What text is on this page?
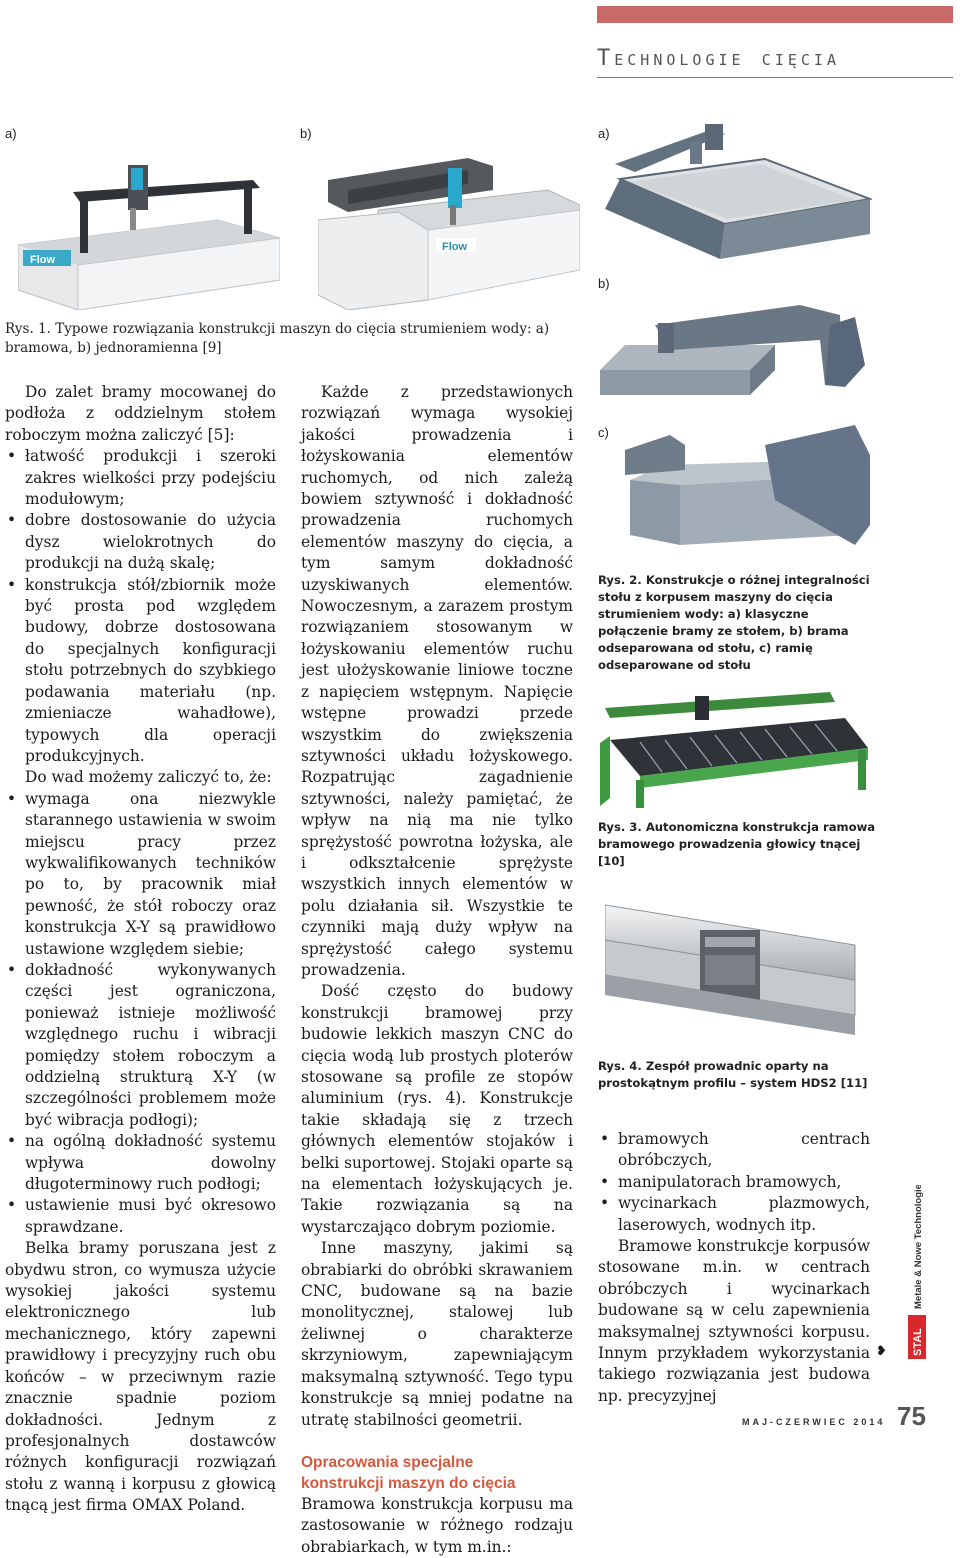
Technologie cięcia
a)	b)
Flow
Flow
Rys. 1. Typowe rozwiązania konstrukcji maszyn do cięcia strumieniem wody: a) bramowa, b) jednoramienna [9]
a)
b)
c)
Rys. 2. Konstrukcje o różnej integralności stołu z korpusem maszyny do cięcia strumieniem wody: a) klasyczne połączenie bramy ze stołem, b) brama odseparowana od stołu, c) ramię odseparowane od stołu
Rys. 3. Autonomiczna konstrukcja ramowa bramowego prowadzenia głowicy tnącej [10]
Rys. 4. Zespół prowadnic oparty na prostokątnym profilu – system HDS2 [11]

Do zalet bramy mocowanej do podłoża z oddzielnym stołem roboczym można zaliczyć [5]:

• łatwość produkcji i szeroki zakres wielkości przy podejściu modułowym;
• dobre dostosowanie do użycia dysz wielokrotnych do produkcji na dużą skalę;
• konstrukcja stół/zbiornik może być prosta pod względem budowy, dobrze dostosowana do specjalnych konfiguracji stołu potrzebnych do szybkiego podawania materiału (np. zmieniacze wahadłowe), typowych dla operacji produkcyjnych.

Do wad możemy zaliczyć to, że:

• wymaga ona niezwykle starannego ustawienia w swoim miejscu pracy przez wykwalifikowanych techników po to, by pracownik miał pewność, że stół roboczy oraz konstrukcja X-Y są prawidłowo ustawione względem siebie;
• dokładność wykonywanych części jest ograniczona, ponieważ istnieje możliwość względnego ruchu i wibracji pomiędzy stołem roboczym a oddzielną strukturą X-Y (w szczególności problemem może być wibracja podłogi);
• na ogólną dokładność systemu wpływa dowolny długoterminowy ruch podłogi;
• ustawienie musi być okresowo sprawdzane.

Belka bramy poruszana jest z obydwu stron, co wymusza użycie wysokiej jakości systemu elektronicznego lub mechanicznego, który zapewni prawidłowy i precyzyjny ruch obu końców – w przeciwnym razie znacznie spadnie poziom dokładności. Jednym z profesjonalnych dostawców różnych konfiguracji rozwiązań stołu z wanną i korpusu z głowicą tnącą jest firma OMAX Poland.

Każde z przedstawionych rozwiązań wymaga wysokiej jakości prowadzenia i łożyskowania elementów ruchomych, od nich zależą bowiem sztywność i dokładność prowadzenia ruchomych elementów maszyny do cięcia, a tym samym dokładność uzyskiwanych elementów. Nowoczesnym, a zarazem prostym rozwiązaniem stosowanym w łożyskowaniu elementów ruchu jest ułożyskowanie liniowe toczne z napięciem wstępnym. Napięcie wstępne prowadzi przede wszystkim do zwiększenia sztywności układu łożyskowego. Rozpatrując zagadnienie sztywności, należy pamiętać, że wpływ na nią ma nie tylko sprężystość powrotna łożyska, ale i odkształcenie sprężyste wszystkich innych elementów w polu działania sił. Wszystkie te czynniki mają duży wpływ na sprężystość całego systemu prowadzenia.

Dość często do budowy konstrukcji bramowej przy budowie lekkich maszyn CNC do cięcia wodą lub prostych ploterów stosowane są profile ze stopów aluminium (rys. 4). Konstrukcje takie składają się z trzech głównych elementów stojaków i belki suportowej. Stojaki oparte są na elementach łożyskujących je. Takie rozwiązania są na wystarczająco dobrym poziomie.

Inne maszyny, jakimi są obrabiarki do obróbki skrawaniem CNC, budowane są na bazie monolitycznej, stalowej lub żeliwnej o charakterze skrzyniowym, zapewniającym maksymalną sztywność. Tego typu konstrukcje są mniej podatne na utratę stabilności geometrii.

Opracowania specjalne
konstrukcji maszyn do cięcia

Bramowa konstrukcja korpusu ma zastosowanie w różnego rodzaju obrabiarkach, w tym m.in.:

• bramowych centrach obróbczych,
• manipulatorach bramowych,
• wycinarkach plazmowych, laserowych, wodnych itp.

Bramowe konstrukcje korpusów stosowane m.in. w centrach obróbczych i wycinarkach budowane są w celu zapewnienia maksymalnej sztywności korpusu. Innym przykładem wykorzystania takiego rozwiązania jest budowa np. precyzyjnej

❥ STAL
Metale & Nowe Technologie
MAJ-CZERWIEC 2014 75
